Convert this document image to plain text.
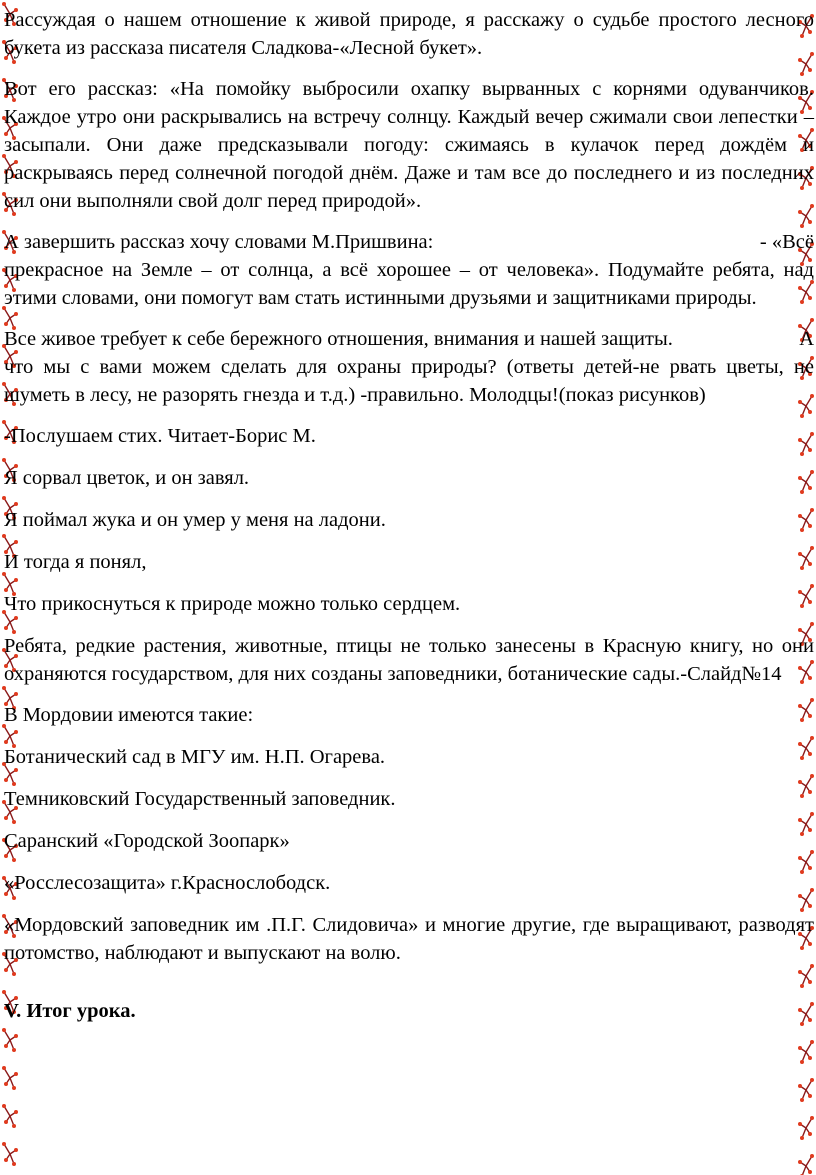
Рассуждая о нашем отношение к живой природе, я расскажу о судьбе простого лесного букета из рассказа писателя Сладкова-«Лесной букет».

Вот его рассказ: «На помойку выбросили охапку вырванных с корнями одуванчиков. Каждое утро они раскрывались на встречу солнцу. Каждый вечер сжимали свои лепестки – засыпали. Они даже предсказывали погоду: сжимаясь в кулачок перед дождём и раскрываясь перед солнечной погодой днём. Даже и там все до последнего и из последних сил они выполняли свой долг перед природой».

А завершить рассказ хочу словами М.Пришвина:	- «Всё

прекрасное на Земле – от солнца, а всё хорошее – от человека». Подумайте ребята, над этими словами, они помогут вам стать истинными друзьями и защитниками природы.

Все живое требует к себе бережного отношения, внимания и нашей защиты.	А

что мы с вами можем сделать для охраны природы? (ответы детей-не рвать цветы, не шуметь в лесу, не разорять гнезда и т.д.) -правильно. Молодцы!(показ рисунков)

-Послушаем стих. Читает-Борис М.

Я сорвал цветок, и он завял.

Я поймал жука и он умер у меня на ладони.

И тогда я понял,

Что прикоснуться к природе можно только сердцем.

Ребята, редкие растения, животные, птицы не только занесены в Красную книгу, но они охраняются государством, для них созданы заповедники, ботанические сады.-Слайд№14

В Мордовии имеются такие:

Ботанический сад в МГУ им. Н.П. Огарева.

Темниковский Государственный заповедник.

Саранский «Городской Зоопарк»

«Росслесозащита» г.Краснослободск.

«Мордовский заповедник им .П.Г. Слидовича» и многие другие, где выращивают, разводят потомство, наблюдают и выпускают на волю.

V. Итог урока.
